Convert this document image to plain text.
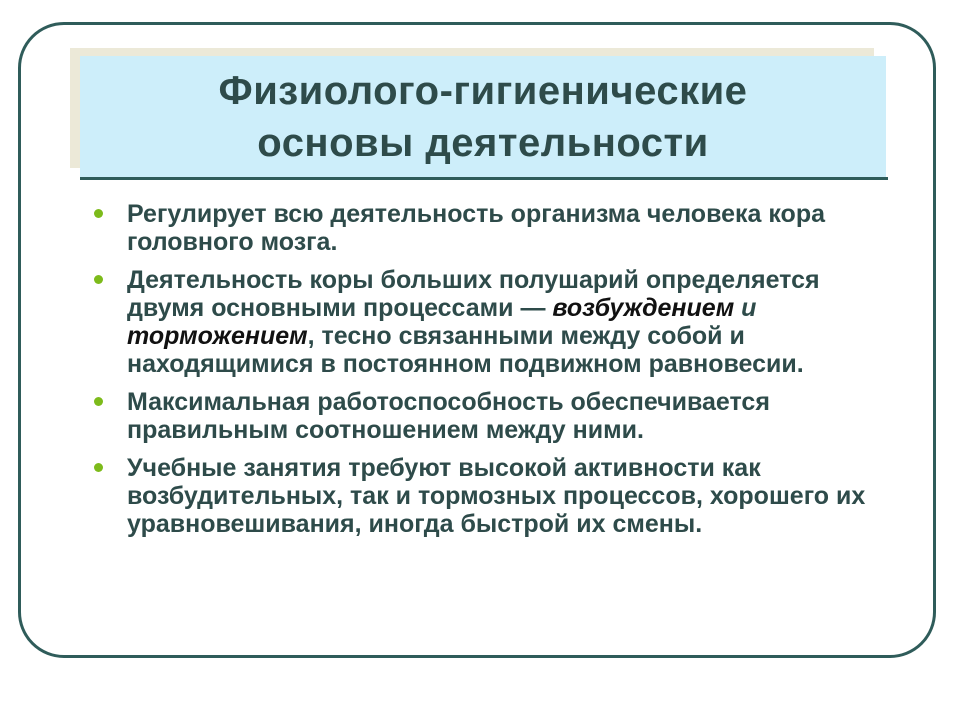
Физиолого-гигиенические
основы деятельности
Регулирует всю деятельность организма человека кора головного мозга.
Деятельность коры больших полушарий определяется двумя основными процессами — возбуждением и торможением, тесно связанными между собой и находящимися в постоянном подвижном равновесии.
Максимальная работоспособность обеспечивается правильным соотношением между ними.
Учебные занятия требуют высокой активности как возбудительных, так и тормозных процессов, хорошего их уравновешивания, иногда быстрой их смены.
